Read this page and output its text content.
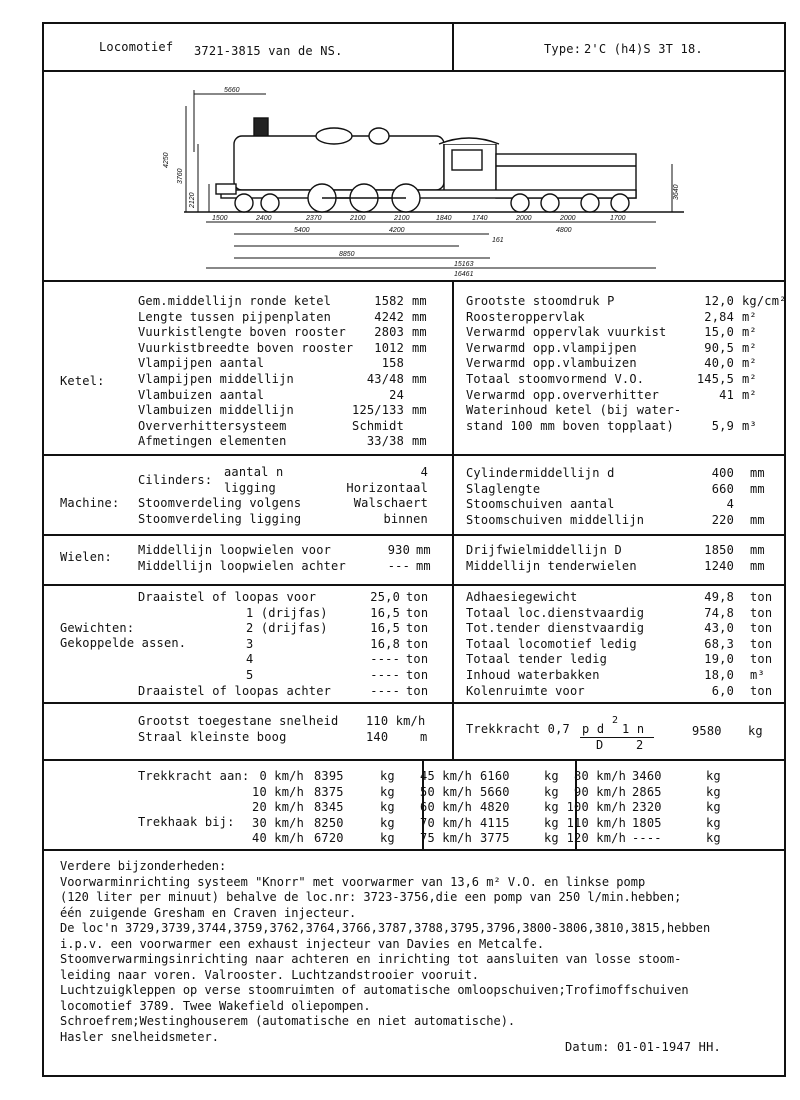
Locomotief 3721-3815 van de NS.	Type: 2'C (h4)S 3T 18.
5660
4250
3760
2120
3640
1500	2400	2370	2100	2100	1840	1740	2000	2000	1700
5400	4200	4800
8850
161
15163
16461
Ketel:
Gem.middellijn ronde ketel	1582 mm
Lengte tussen pijpenplaten	4242 mm
Vuurkistlengte boven rooster	2803 mm
Vuurkistbreedte boven rooster	1012 mm
Vlampijpen aantal	158
Vlampijpen middellijn	43/48 mm
Vlambuizen aantal	24
Vlambuizen middellijn	125/133 mm
Oververhittersysteem	Schmidt
Afmetingen elementen	33/38 mm
Grootste stoomdruk P	12,0 kg/cm²
Roosteroppervlak	2,84 m²
Verwarmd oppervlak vuurkist	15,0 m²
Verwarmd opp.vlampijpen	90,5 m²
Verwarmd opp.vlambuizen	40,0 m²
Totaal stoomvormend V.O.	145,5 m²
Verwarmd opp.oververhitter	41 m²
Waterinhoud ketel (bij water-
stand 100 mm boven topplaat)	5,9 m³
Machine:
Cilinders:
aantal n	4
ligging	Horizontaal
Stoomverdeling volgens	Walschaert
Stoomverdeling ligging	binnen
Cylindermiddellijn d	400 mm
Slaglengte	660 mm
Stoomschuiven aantal	4
Stoomschuiven middellijn	220 mm
Wielen: Middellijn loopwielen voor	930 mm
Middellijn loopwielen achter	--- mm
Drijfwielmiddellijn D	1850 mm
Middellijn tenderwielen	1240 mm
Gewichten:
Gekoppelde assen.
Draaistel of loopas voor	25,0 ton
1 (drijfas)	16,5 ton
2 (drijfas)	16,5 ton
3	16,8 ton
4	---- ton
5	---- ton
Draaistel of loopas achter	---- ton
Adhaesiegewicht	49,8 ton
Totaal loc.dienstvaardig	74,8 ton
Tot.tender dienstvaardig	43,0 ton
Totaal locomotief ledig	68,3 ton
Totaal tender ledig	19,0 ton
Inhoud waterbakken	18,0 m³
Kolenruimte voor	6,0 ton
Grootst toegestane snelheid 110 km/h
Straal kleinste boog	140	m
Trekkracht 0,7 p d
2
1 n
D	2
9580 kg
Trekkracht aan:
Trekhaak bij:
0 km/h 8395	kg
10 km/h 8375	kg
20 km/h 8345	kg
30 km/h 8250	kg
40 km/h 6720	kg
45 km/h 6160	kg
50 km/h 5660	kg
60 km/h 4820	kg
70 km/h 4115	kg
75 km/h 3775	kg
80 km/h 3460	kg
90 km/h 2865	kg
100 km/h 2320	kg
110 km/h 1805	kg
120 km/h ----	kg
Verdere bijzonderheden:
Voorwarminrichting systeem "Knorr" met voorwarmer van 13,6 m² V.O. en linkse pomp
(120 liter per minuut) behalve de loc.nr: 3723-3756,die een pomp van 250 l/min.hebben;
één zuigende Gresham en Craven injecteur.
De loc'n 3729,3739,3744,3759,3762,3764,3766,3787,3788,3795,3796,3800-3806,3810,3815,hebben
i.p.v. een voorwarmer een exhaust injecteur van Davies en Metcalfe.
Stoomverwarmingsinrichting naar achteren en inrichting tot aansluiten van losse stoom-
leiding naar voren. Valrooster. Luchtzandstrooier vooruit.
Luchtzuigkleppen op verse stoomruimten of automatische omloopschuiven;Trofimoffschuiven
locomotief 3789. Twee Wakefield oliepompen.
Schroefrem;Westinghouserem (automatische en niet automatische).
Hasler snelheidsmeter.
Datum: 01-01-1947 HH.
